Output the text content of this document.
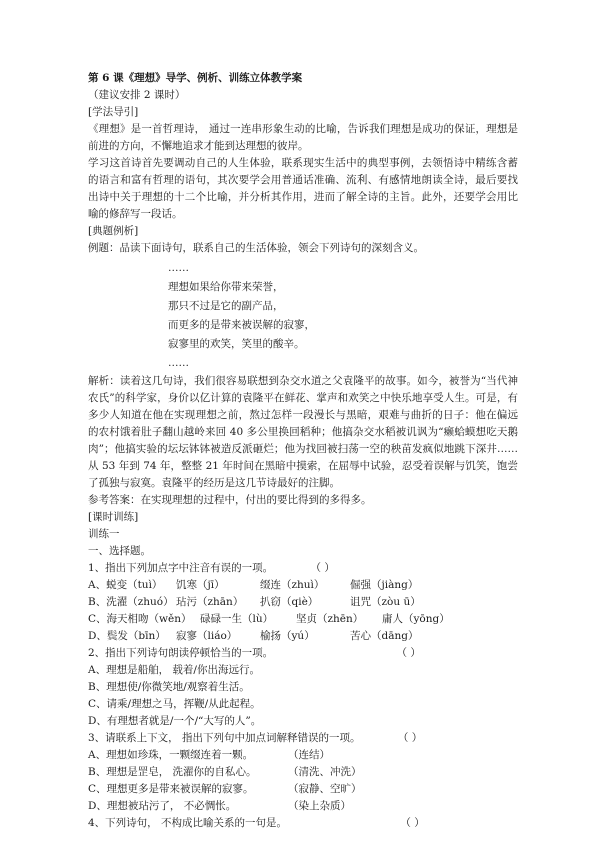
第 6 课《理想》导学、例析、训练立体教学案
（建议安排 2 课时）
[学法导引]
《理想》是一首哲理诗， 通过一连串形象生动的比喻，告诉我们理想是成功的保证，理想是前进的方向，不懈地追求才能到达理想的彼岸。
学习这首诗首先要调动自己的人生体验，联系现实生活中的典型事例，去领悟诗中精练含蓄的语言和富有哲理的语句，其次要学会用普通话准确、流利、有感情地朗读全诗，最后要找出诗中关于理想的十二个比喻，并分析其作用，进而了解全诗的主旨。此外，还要学会用比喻的修辞写一段话。
[典题例析]
例题：品读下面诗句，联系自己的生活体验，领会下列诗句的深刻含义。
……
理想如果给你带来荣誉，
那只不过是它的副产品，
而更多的是带来被误解的寂寥，
寂寥里的欢笑，笑里的酸辛。
……
解析：读着这几句诗，我们很容易联想到杂交水道之父袁隆平的故事。如今，被誉为“当代神农氏”的科学家，身价以亿计算的袁隆平在鲜花、掌声和欢笑之中快乐地享受人生。可是，有多少人知道在他在实现理想之前，熬过怎样一段漫长与黑暗，艰难与曲折的日子：他在偏远的农村饿着肚子翻山越岭来回 40 多公里换回稻种；他搞杂交水稻被讥讽为“癞蛤蟆想吃天鹅肉”；他搞实验的坛坛钵钵被造反派砸烂；他为找回被扫荡一空的秧苗发疯似地跳下深井……从 53 年到 74 年，整整 21 年时间在黑暗中摸索，在屈辱中试验，忍受着误解与饥笑，饱尝了孤独与寂寞。袁隆平的经历是这几节诗最好的注脚。
参考答案：在实现理想的过程中，付出的要比得到的多得多。
[课时训练]
训练一
一、选择题。
1、指出下列加点字中注音有误的一项。	（ ）
A、蜕变（tuì） 饥寒（jī）	缀连（zhuì） 倔强（jiàng）
B、洗濯（zhuó） 玷污（zhān） 扒窃（qiè）	诅咒（zòu ū）
C、海天相吻（wěn） 碌碌一生（lù） 坚贞（zhēn） 庸人（yōng）
D、鬓发（bīn） 寂寥（liáo） 榆扬（yú）	苦心（dāng）
2、指出下列诗句朗读停顿恰当的一项。	（ ）
A、理想是船舶， 载着/你出海远行。
B、理想使/你微笑地/观察着生活。
C、请乘/理想之马，挥鞭/从此起程。
D、有理想者就是/一个/“大写的人”。
3、请联系上下文， 指出下列句中加点词解释错误的一项。	（ ）
A、理想如珍珠，一颗缀连着一颗。	（连结）
B、理想是罡皂， 洗濯你的自私心。	（清洗、冲洗）
C、理想更多是带来被误解的寂寥。	（寂静、空旷）
D、理想被玷污了， 不必惆怅。	（染上杂质）
4、下列诗句， 不构成比喻关系的一句是。	（ ）
